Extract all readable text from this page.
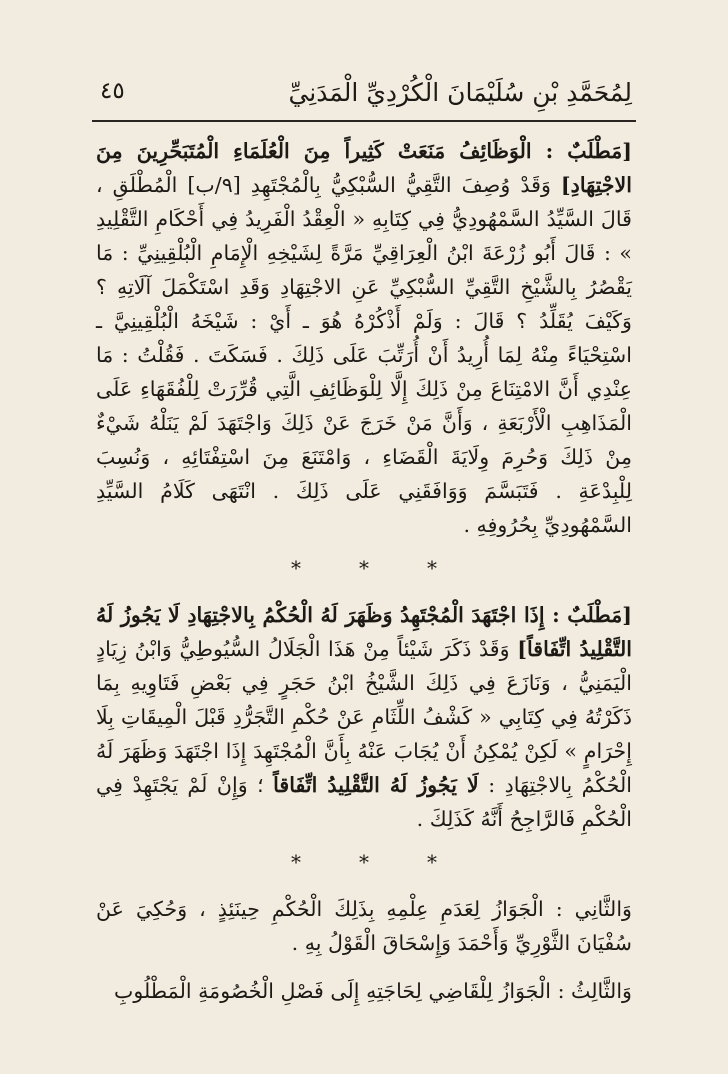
لِمُحَمَّدِ بْنِ سُلَيْمَانَ الْكُرْدِيِّ الْمَدَنِيِّ
٤٥

[مَطْلَبٌ : الْوَظَائِفُ مَنَعَتْ كَثِيراً مِنَ الْعُلَمَاءِ الْمُتَبَحِّرِينَ مِنَ الاجْتِهَادِ] وَقَدْ وُصِفَ التَّقِيُّ السُّبْكِيُّ بِالْمُجْتَهِدِ [٩/ب] الْمُطْلَقِ ، قَالَ السَّيِّدُ السَّمْهُودِيُّ فِي كِتَابِهِ « الْعِقْدُ الْفَرِيدُ فِي أَحْكَامِ التَّقْلِيدِ » : قَالَ أَبُو زُرْعَةَ ابْنُ الْعِرَاقِيِّ مَرَّةً لِشَيْخِهِ الْإِمَامِ الْبُلْقِينِيِّ : مَا يَقْصُرُ بِالشَّيْخِ التَّقِيِّ السُّبْكِيِّ عَنِ الاجْتِهَادِ وَقَدِ اسْتَكْمَلَ آلَاتِهِ ؟ وَكَيْفَ يُقَلِّدُ ؟ قَالَ : وَلَمْ أَذْكُرْهُ هُوَ ـ أَيْ : شَيْخَهُ الْبُلْقِينِيَّ ـ اسْتِحْيَاءً مِنْهُ لِمَا أُرِيدُ أَنْ أُرَتِّبَ عَلَى ذَلِكَ . فَسَكَتَ . فَقُلْتُ : مَا عِنْدِي أَنَّ الامْتِنَاعَ مِنْ ذَلِكَ إِلَّا لِلْوَظَائِفِ الَّتِي قُرِّرَتْ لِلْفُقَهَاءِ عَلَى الْمَذَاهِبِ الْأَرْبَعَةِ ، وَأَنَّ مَنْ خَرَجَ عَنْ ذَلِكَ وَاجْتَهَدَ لَمْ يَنَلْهُ شَيْءٌ مِنْ ذَلِكَ وَحُرِمَ وِلَايَةَ الْقَضَاءِ ، وَامْتَنَعَ مِنَ اسْتِفْتَائِهِ ، وَنُسِبَ لِلْبِدْعَةِ . فَتَبَسَّمَ وَوَافَقَنِي عَلَى ذَلِكَ . انْتَهَى كَلَامُ السَّيِّدِ السَّمْهُودِيِّ بِحُرُوفِهِ .

*	*	*

[مَطْلَبٌ : إِذَا اجْتَهَدَ الْمُجْتَهِدُ وَظَهَرَ لَهُ الْحُكْمُ بِالاجْتِهَادِ لَا يَجُوزُ لَهُ التَّقْلِيدُ اتِّفَاقاً] وَقَدْ ذَكَرَ شَيْئاً مِنْ هَذَا الْجَلَالُ السُّيُوطِيُّ وَابْنُ زِيَادٍ الْيَمَنِيُّ ، وَنَازَعَ فِي ذَلِكَ الشَّيْخُ ابْنُ حَجَرٍ فِي بَعْضِ فَتَاوِيهِ بِمَا ذَكَرْتُهُ فِي كِتَابِي « كَشْفُ اللِّثَامِ عَنْ حُكْمِ التَّجَرُّدِ قَبْلَ الْمِيقَاتِ بِلَا إِحْرَامٍ » لَكِنْ يُمْكِنُ أَنْ يُجَابَ عَنْهُ بِأَنَّ الْمُجْتَهِدَ إِذَا اجْتَهَدَ وَظَهَرَ لَهُ الْحُكْمُ بِالاجْتِهَادِ : لَا يَجُوزُ لَهُ التَّقْلِيدُ اتِّفَاقاً ؛ وَإِنْ لَمْ يَجْتَهِدْ فِي الْحُكْمِ فَالرَّاجِحُ أَنَّهُ كَذَلِكَ .

*	*	*

وَالثَّانِي : الْجَوَازُ لِعَدَمِ عِلْمِهِ بِذَلِكَ الْحُكْمِ حِينَئِذٍ ، وَحُكِيَ عَنْ سُفْيَانَ الثَّوْرِيِّ وَأَحْمَدَ وَإِسْحَاقَ الْقَوْلُ بِهِ .

وَالثَّالِثُ : الْجَوَازُ لِلْقَاضِي لِحَاجَتِهِ إِلَى فَصْلِ الْخُصُومَةِ الْمَطْلُوبِ
